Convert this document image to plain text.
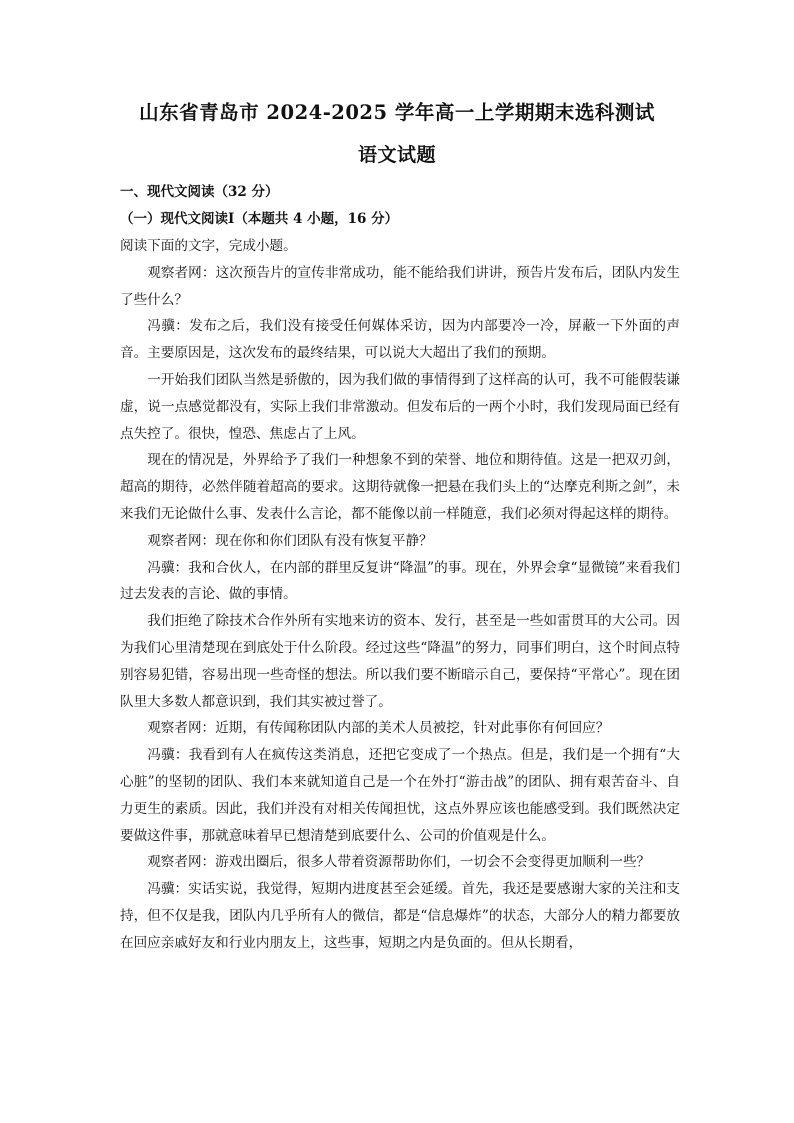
山东省青岛市 2024-2025 学年高一上学期期末选科测试
语文试题
一、现代文阅读（32 分）
（一）现代文阅读Ⅰ（本题共 4 小题，16 分）

阅读下面的文字，完成小题。

观察者网：这次预告片的宣传非常成功，能不能给我们讲讲，预告片发布后，团队内发生了些什么？

冯骥：发布之后，我们没有接受任何媒体采访，因为内部要冷一冷，屏蔽一下外面的声音。主要原因是，这次发布的最终结果，可以说大大超出了我们的预期。

一开始我们团队当然是骄傲的，因为我们做的事情得到了这样高的认可，我不可能假装谦虚，说一点感觉都没有，实际上我们非常激动。但发布后的一两个小时，我们发现局面已经有点失控了。很快，惶恐、焦虑占了上风。

现在的情况是，外界给予了我们一种想象不到的荣誉、地位和期待值。这是一把双刃剑，超高的期待，必然伴随着超高的要求。这期待就像一把悬在我们头上的“达摩克利斯之剑”，未来我们无论做什么事、发表什么言论，都不能像以前一样随意，我们必须对得起这样的期待。

观察者网：现在你和你们团队有没有恢复平静？

冯骥：我和合伙人，在内部的群里反复讲“降温”的事。现在，外界会拿“显微镜”来看我们过去发表的言论、做的事情。

我们拒绝了除技术合作外所有实地来访的资本、发行，甚至是一些如雷贯耳的大公司。因为我们心里清楚现在到底处于什么阶段。经过这些“降温”的努力，同事们明白，这个时间点特别容易犯错，容易出现一些奇怪的想法。所以我们要不断暗示自己，要保持“平常心”。现在团队里大多数人都意识到，我们其实被过誉了。

观察者网：近期，有传闻称团队内部的美术人员被挖，针对此事你有何回应？

冯骥：我看到有人在疯传这类消息，还把它变成了一个热点。但是，我们是一个拥有“大心脏”的坚韧的团队、我们本来就知道自己是一个在外打“游击战”的团队、拥有艰苦奋斗、自力更生的素质。因此，我们并没有对相关传闻担忧，这点外界应该也能感受到。我们既然决定要做这件事，那就意味着早已想清楚到底要什么、公司的价值观是什么。

观察者网：游戏出圈后，很多人带着资源帮助你们，一切会不会变得更加顺利一些？

冯骥：实话实说，我觉得，短期内进度甚至会延缓。首先，我还是要感谢大家的关注和支持，但不仅是我，团队内几乎所有人的微信，都是“信息爆炸”的状态，大部分人的精力都要放在回应亲戚好友和行业内朋友上，这些事，短期之内是负面的。但从长期看，
